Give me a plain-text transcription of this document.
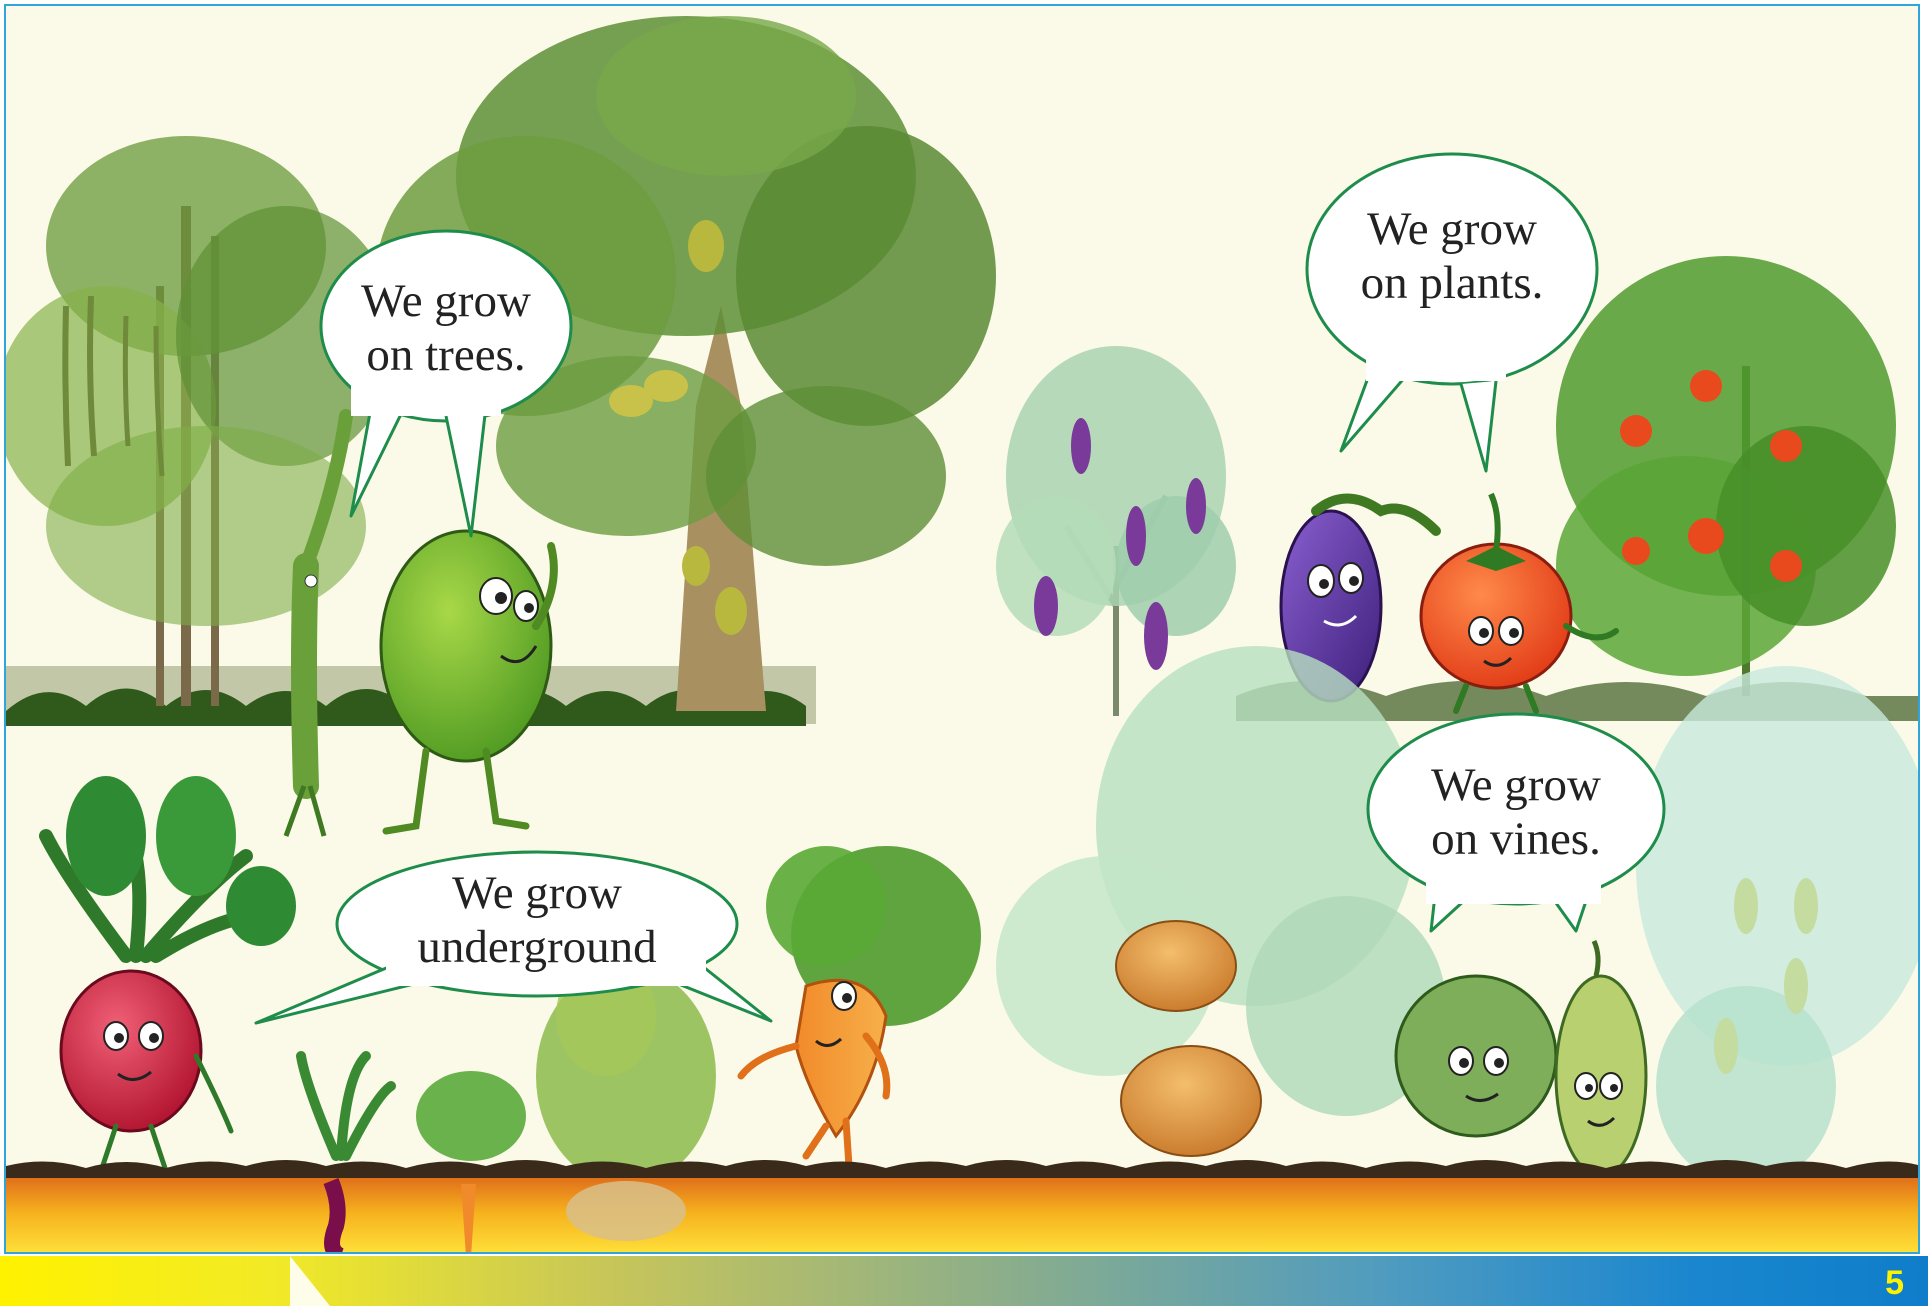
We grow
on trees.
We grow
on plants.
We grow
on vines.
We grow
underground
5
